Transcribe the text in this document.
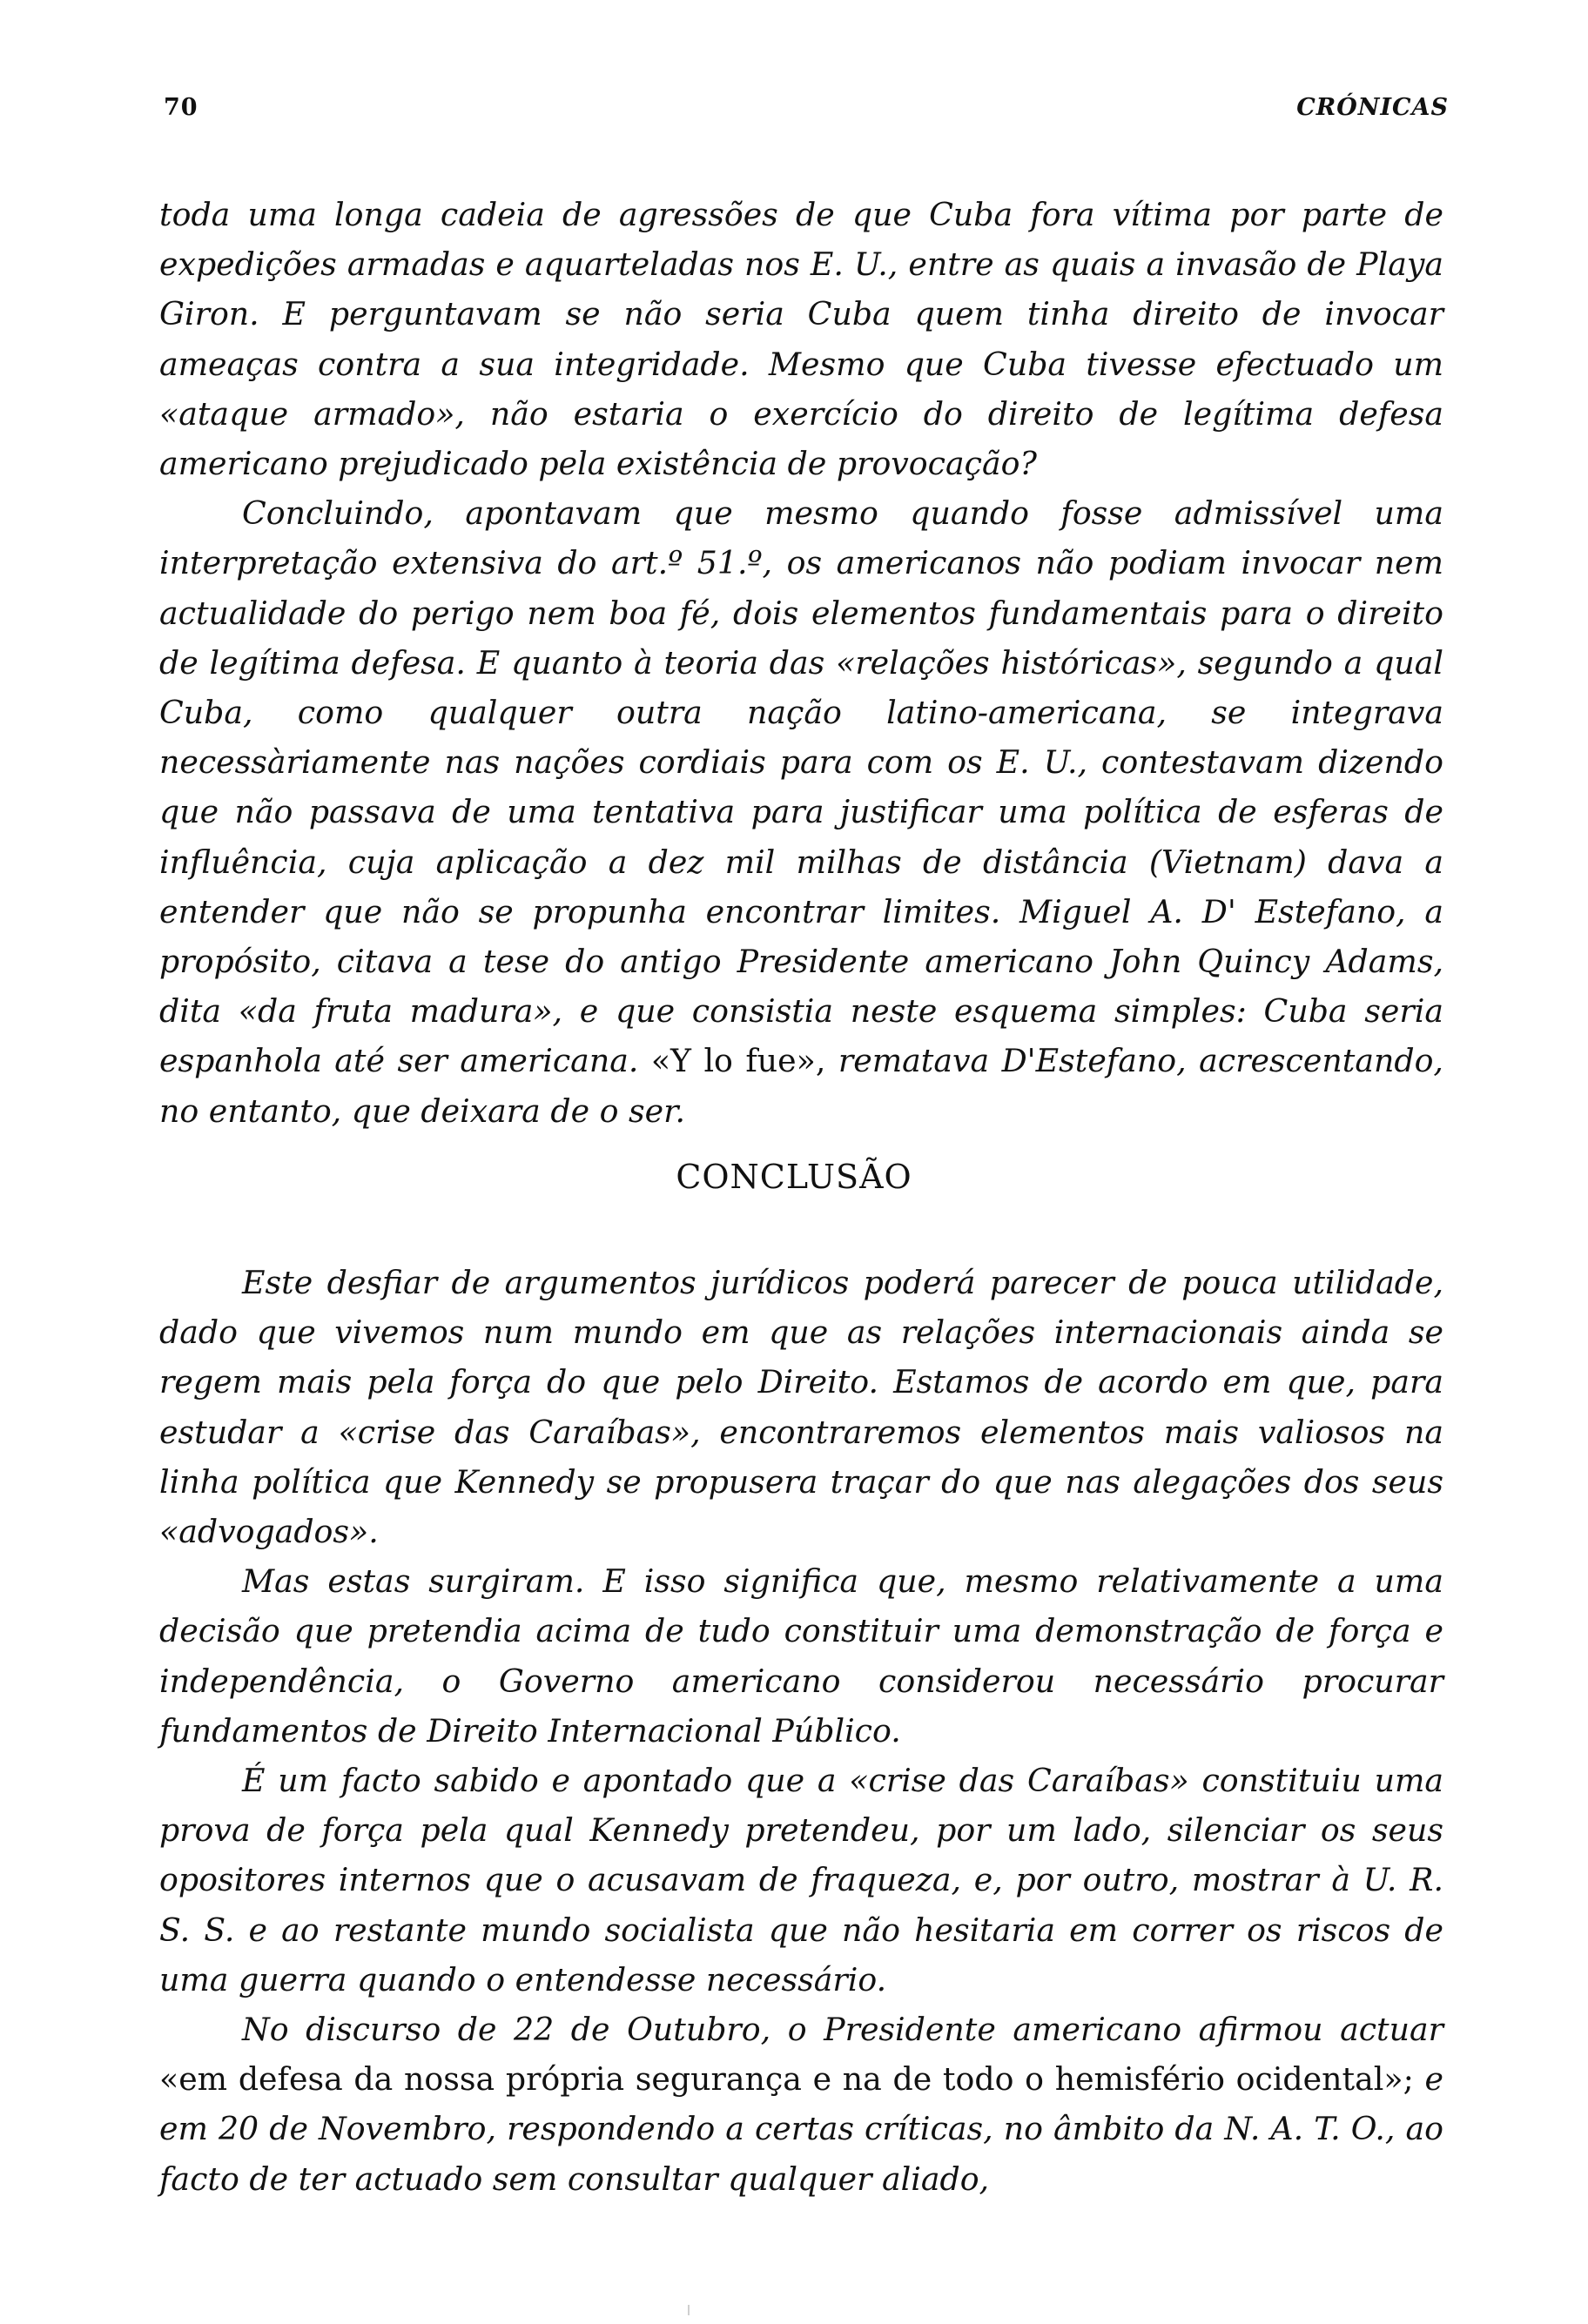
70	CRÓNICAS

toda uma longa cadeia de agressões de que Cuba fora vítima por parte de expedições armadas e aquarteladas nos E. U., entre as quais a invasão de Playa Giron. E perguntavam se não seria Cuba quem tinha direito de invocar ameaças contra a sua integridade. Mesmo que Cuba tivesse efectuado um «ataque armado», não estaria o exercício do direito de legítima defesa americano prejudicado pela existência de provocação?

Concluindo, apontavam que mesmo quando fosse admissível uma interpretação extensiva do art.º 51.º, os americanos não podiam invocar nem actualidade do perigo nem boa fé, dois elementos fundamentais para o direito de legítima defesa. E quanto à teoria das «relações históricas», segundo a qual Cuba, como qualquer outra nação latino-americana, se integrava necessàriamente nas nações cordiais para com os E. U., contestavam dizendo que não passava de uma tentativa para justificar uma política de esferas de influência, cuja aplicação a dez mil milhas de distância (Vietnam) dava a entender que não se propunha encontrar limites. Miguel A. D' Estefano, a propósito, citava a tese do antigo Presidente americano John Quincy Adams, dita «da fruta madura», e que consistia neste esquema simples: Cuba seria espanhola até ser americana. «Y lo fue», rematava D'Estefano, acrescentando, no entanto, que deixara de o ser.

CONCLUSÃO

Este desfiar de argumentos jurídicos poderá parecer de pouca utilidade, dado que vivemos num mundo em que as relações internacionais ainda se regem mais pela força do que pelo Direito. Estamos de acordo em que, para estudar a «crise das Caraíbas», encontraremos elementos mais valiosos na linha política que Kennedy se propusera traçar do que nas alegações dos seus «advogados».

Mas estas surgiram. E isso significa que, mesmo relativamente a uma decisão que pretendia acima de tudo constituir uma demonstração de força e independência, o Governo americano considerou necessário procurar fundamentos de Direito Internacional Público.

É um facto sabido e apontado que a «crise das Caraíbas» constituiu uma prova de força pela qual Kennedy pretendeu, por um lado, silenciar os seus opositores internos que o acusavam de fraqueza, e, por outro, mostrar à U. R. S. S. e ao restante mundo socialista que não hesitaria em correr os riscos de uma guerra quando o entendesse necessário.

No discurso de 22 de Outubro, o Presidente americano afirmou actuar «em defesa da nossa própria segurança e na de todo o hemisfério ocidental»; e em 20 de Novembro, respondendo a certas críticas, no âmbito da N. A. T. O., ao facto de ter actuado sem consultar qualquer aliado,
